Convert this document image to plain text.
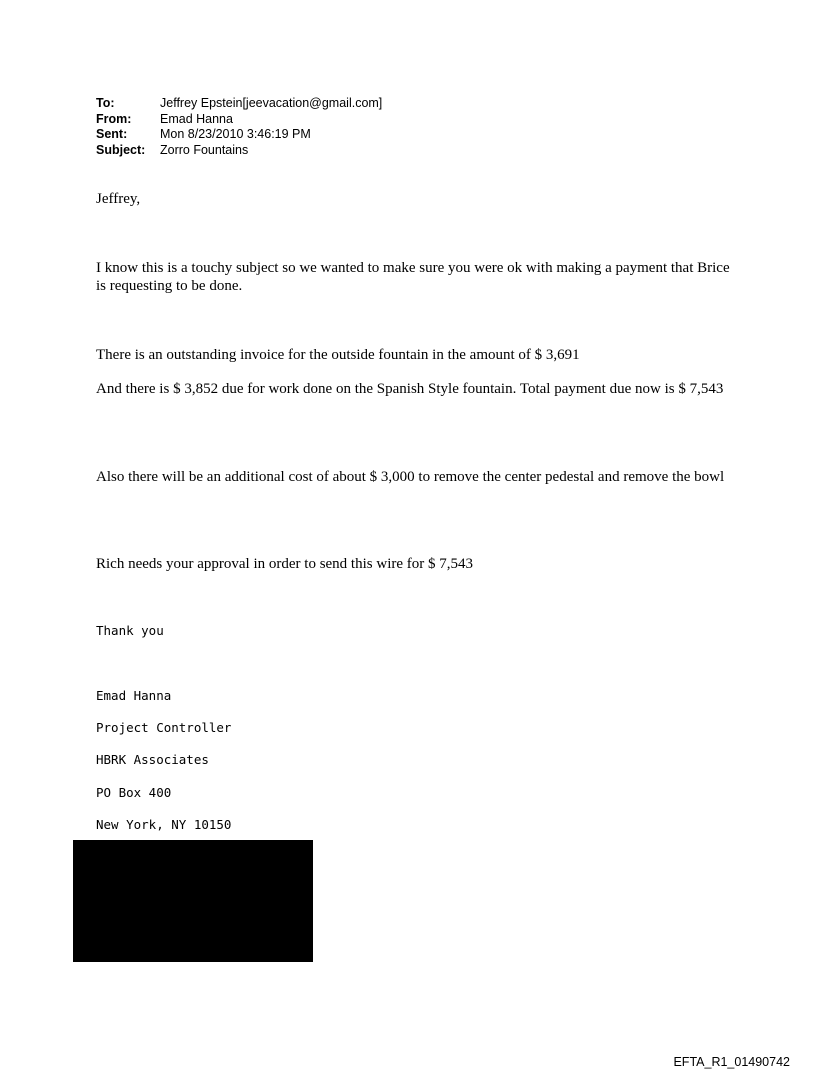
To:	Jeffrey Epstein[jeevacation@gmail.com]
From:	Emad Hanna
Sent:	Mon 8/23/2010 3:46:19 PM
Subject:	Zorro Fountains

Jeffrey,

I know this is a touchy subject so we wanted to make sure you were ok with making a payment that Brice is requesting to be done.

There is an outstanding invoice for the outside fountain in the amount of $ 3,691

And there is $ 3,852 due for work done on the Spanish Style fountain. Total payment due now is $ 7,543

Also there will be an additional cost of about $ 3,000 to remove the center pedestal and remove the bowl

Rich needs your approval in order to send this wire for $ 7,543

Thank you

Emad Hanna

Project Controller

HBRK Associates

PO Box 400

New York, NY 10150

EFTA_R1_01490742
